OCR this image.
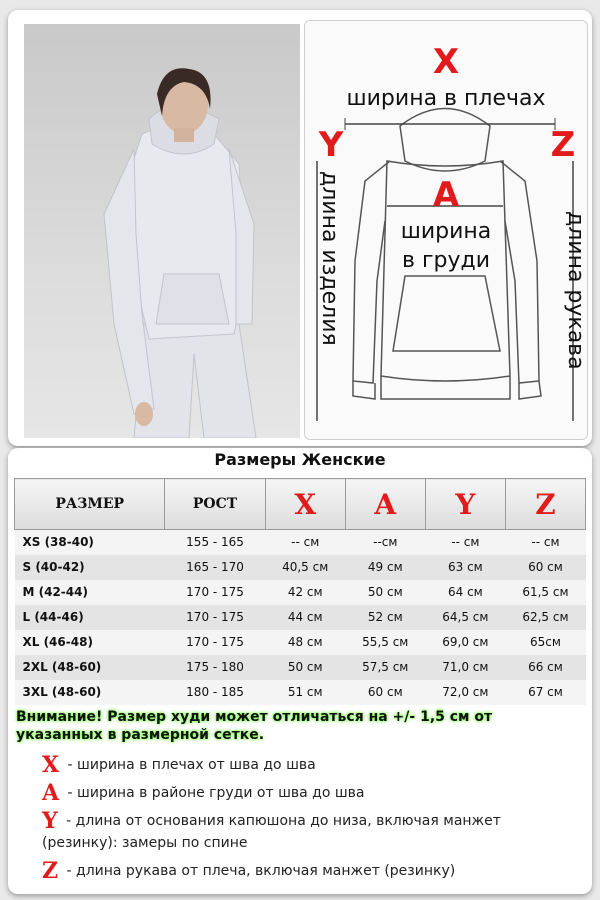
X
ширина в плечах
Y	Z
A
ширина
в груди
длина изделия	длина рукава
Размеры Женские
РАЗМЕР	РОСТ	X	A	Y	Z
XS (38-40)	155 - 165	-- см	--см	-- см	-- см
S (40-42)	165 - 170	40,5 см	49 см	63 см	60 см
M (42-44)	170 - 175	42 см	50 см	64 см	61,5 см
L (44-46)	170 - 175	44 см	52 см	64,5 см	62,5 см
XL (46-48)	170 - 175	48 см	55,5 см	69,0 см	65см
2XL (48-60)	175 - 180	50 см	57,5 см	71,0 см	66 см
3XL (48-60)	180 - 185	51 см	60 см	72,0 см	67 см
Внимание! Размер худи может отличаться на +/- 1,5 см от указанных в размерной сетке.
X - ширина в плечах от шва до шва
A - ширина в районе груди от шва до шва
Y - длина от основания капюшона до низа, включая манжет (резинку): замеры по спине
Z - длина рукава от плеча, включая манжет (резинку)
